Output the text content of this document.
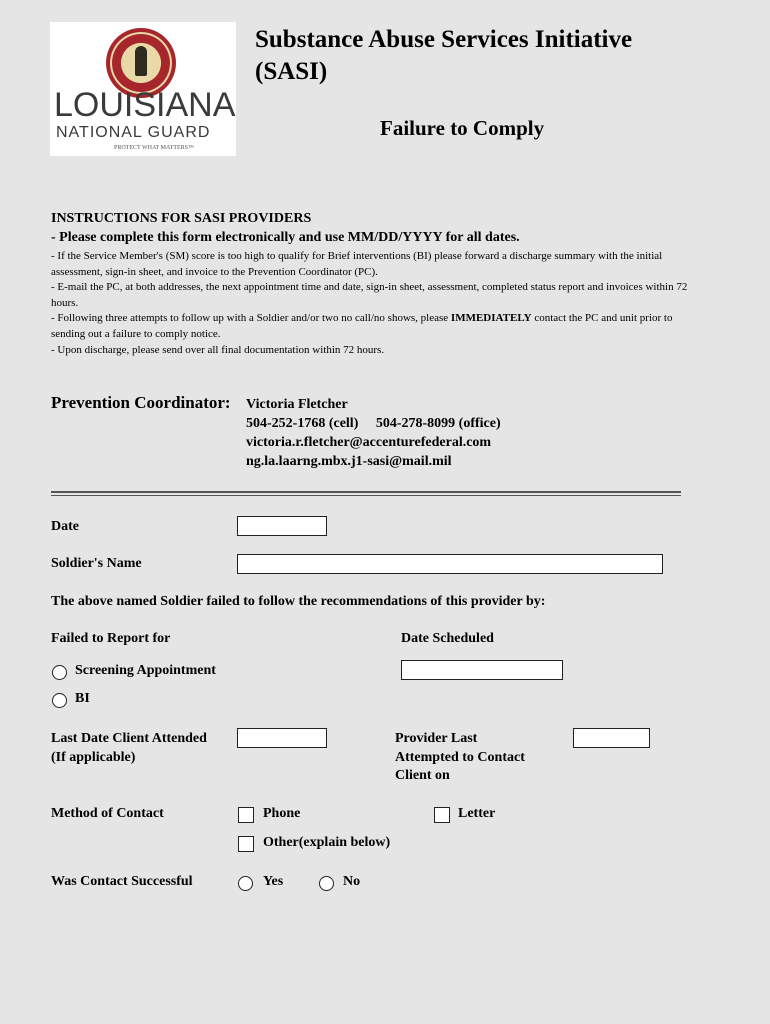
LOUISIANA
NATIONAL GUARD
PROTECT WHAT MATTERS™
Substance Abuse Services Initiative (SASI)
Failure to Comply
INSTRUCTIONS FOR SASI PROVIDERS
- Please complete this form electronically and use MM/DD/YYYY for all dates.

- If the Service Member's (SM) score is too high to qualify for Brief interventions (BI) please forward a discharge summary with the initial assessment, sign-in sheet, and invoice to the Prevention Coordinator (PC).

- E-mail the PC, at both addresses, the next appointment time and date, sign-in sheet, assessment, completed status report and invoices within 72 hours.

- Following three attempts to follow up with a Soldier and/or two no call/no shows, please IMMEDIATELY contact the PC and unit prior to sending out a failure to comply notice.

- Upon discharge, please send over all final documentation within 72 hours.

Prevention Coordinator: Victoria Fletcher
504-252-1768 (cell)     504-278-8099 (office)
victoria.r.fletcher@accenturefederal.com
ng.la.laarng.mbx.j1-sasi@mail.mil
Date
Soldier's Name
The above named Soldier failed to follow the recommendations of this provider by:
Failed to Report for	Date Scheduled
Screening Appointment
BI
Last Date Client Attended
(If applicable)
Provider Last
Attempted to Contact
Client on
Method of Contact	Phone	Letter
Other(explain below)
Was Contact Successful	Yes	No
